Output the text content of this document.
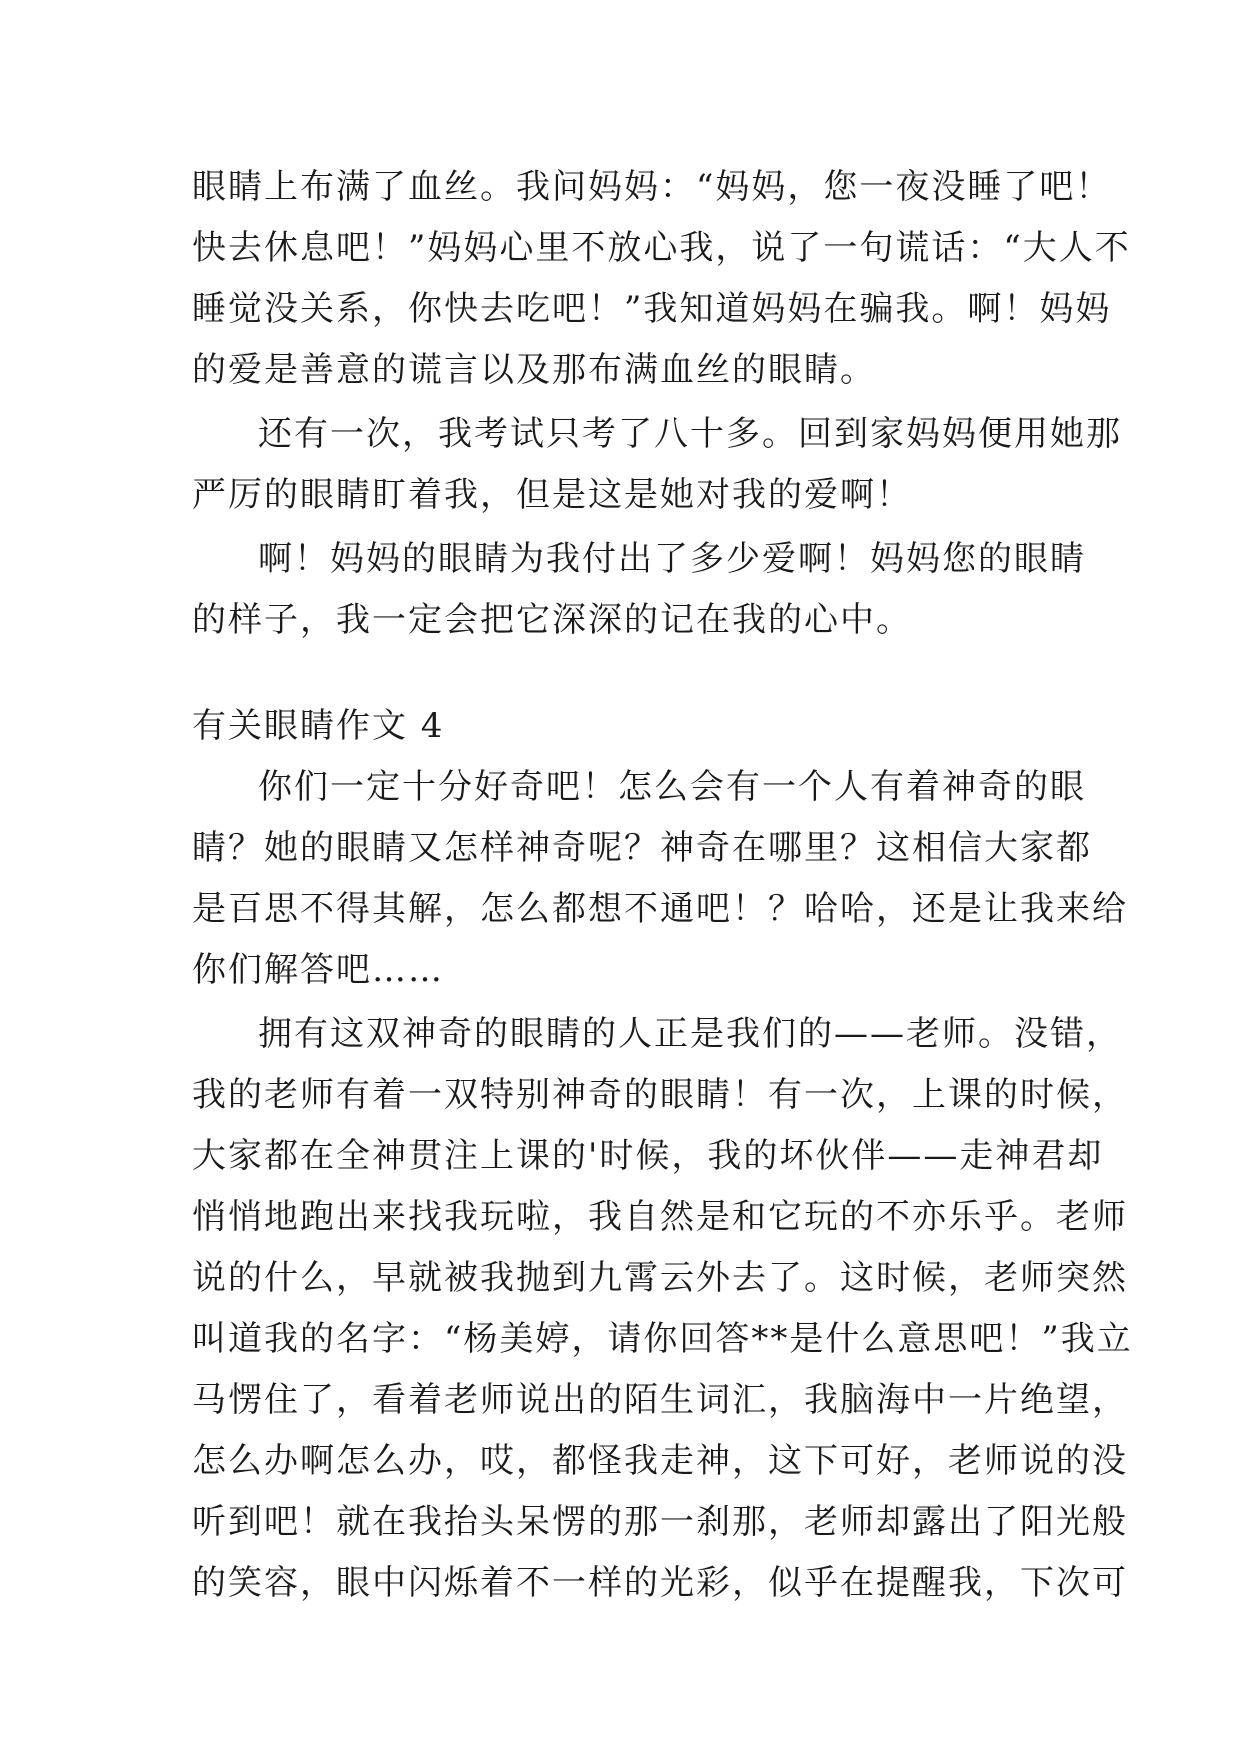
眼睛上布满了血丝。我问妈妈：“妈妈，您一夜没睡了吧！
快去休息吧！”妈妈心里不放心我，说了一句谎话：“大人不
睡觉没关系，你快去吃吧！”我知道妈妈在骗我。啊！妈妈
的爱是善意的谎言以及那布满血丝的眼睛。
还有一次，我考试只考了八十多。回到家妈妈便用她那
严厉的眼睛盯着我，但是这是她对我的爱啊！
啊！妈妈的眼睛为我付出了多少爱啊！妈妈您的眼睛
的样子，我一定会把它深深的记在我的心中。
有关眼睛作文 4
你们一定十分好奇吧！怎么会有一个人有着神奇的眼
睛？她的眼睛又怎样神奇呢？神奇在哪里？这相信大家都
是百思不得其解，怎么都想不通吧！？哈哈，还是让我来给
你们解答吧……
拥有这双神奇的眼睛的人正是我们的——老师。没错，
我的老师有着一双特别神奇的眼睛！有一次，上课的时候，
大家都在全神贯注上课的'时候，我的坏伙伴——走神君却
悄悄地跑出来找我玩啦，我自然是和它玩的不亦乐乎。老师
说的什么，早就被我抛到九霄云外去了。这时候，老师突然
叫道我的名字：“杨美婷，请你回答**是什么意思吧！”我立
马愣住了，看着老师说出的陌生词汇，我脑海中一片绝望，
怎么办啊怎么办，哎，都怪我走神，这下可好，老师说的没
听到吧！就在我抬头呆愣的那一刹那，老师却露出了阳光般
的笑容，眼中闪烁着不一样的光彩，似乎在提醒我，下次可
